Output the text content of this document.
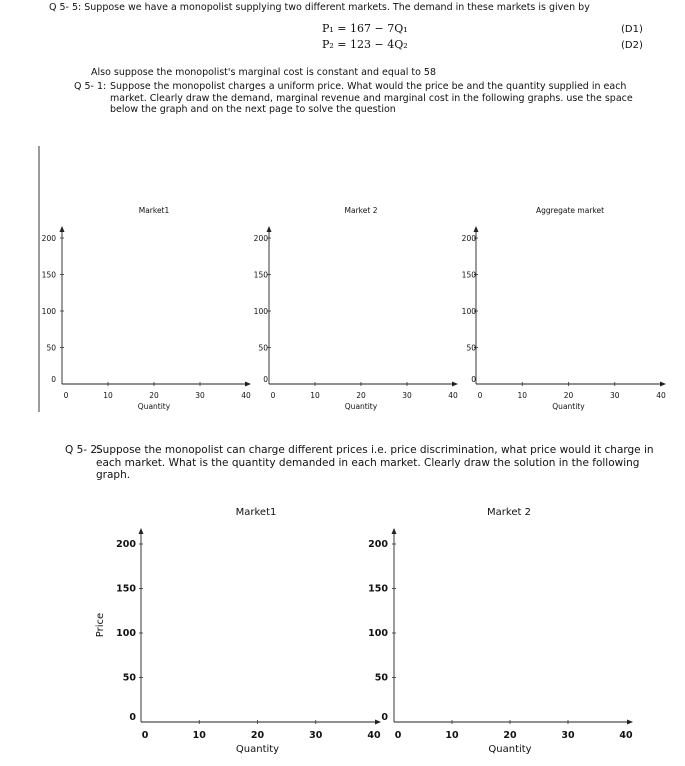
Q 5- 5: Suppose we have a monopolist supplying two different markets. The demand in these markets is given by
P₁ = 167 − 7Q₁	(D1)
P₂ = 123 − 4Q₂	(D2)
Also suppose the monopolist's marginal cost is constant and equal to 58
Q 5- 1: Suppose the monopolist charges a uniform price. What would the price be and the quantity supplied in each market. Clearly draw the demand, marginal revenue and marginal cost in the following graphs. use the space below the graph and on the next page to solve the question
Q 5- 2:
Suppose the monopolist can charge different prices i.e. price discrimination, what price would it charge in each market. What is the quantity demanded in each market. Clearly draw the solution in the following graph.
Market1
0
50
100
150
200
0	10	20	30	40
Quantity
Market 2
0
50
100
150
200
0	10	20	30	40
Quantity
Aggregate market
0
50
100
150
200
0	10	20	30	40
Quantity
Market1
0
50
100
150
200
0	10	20	30	40
Quantity
Price
Market 2
0
50
100
150
200
0	10	20	30	40
Quantity
